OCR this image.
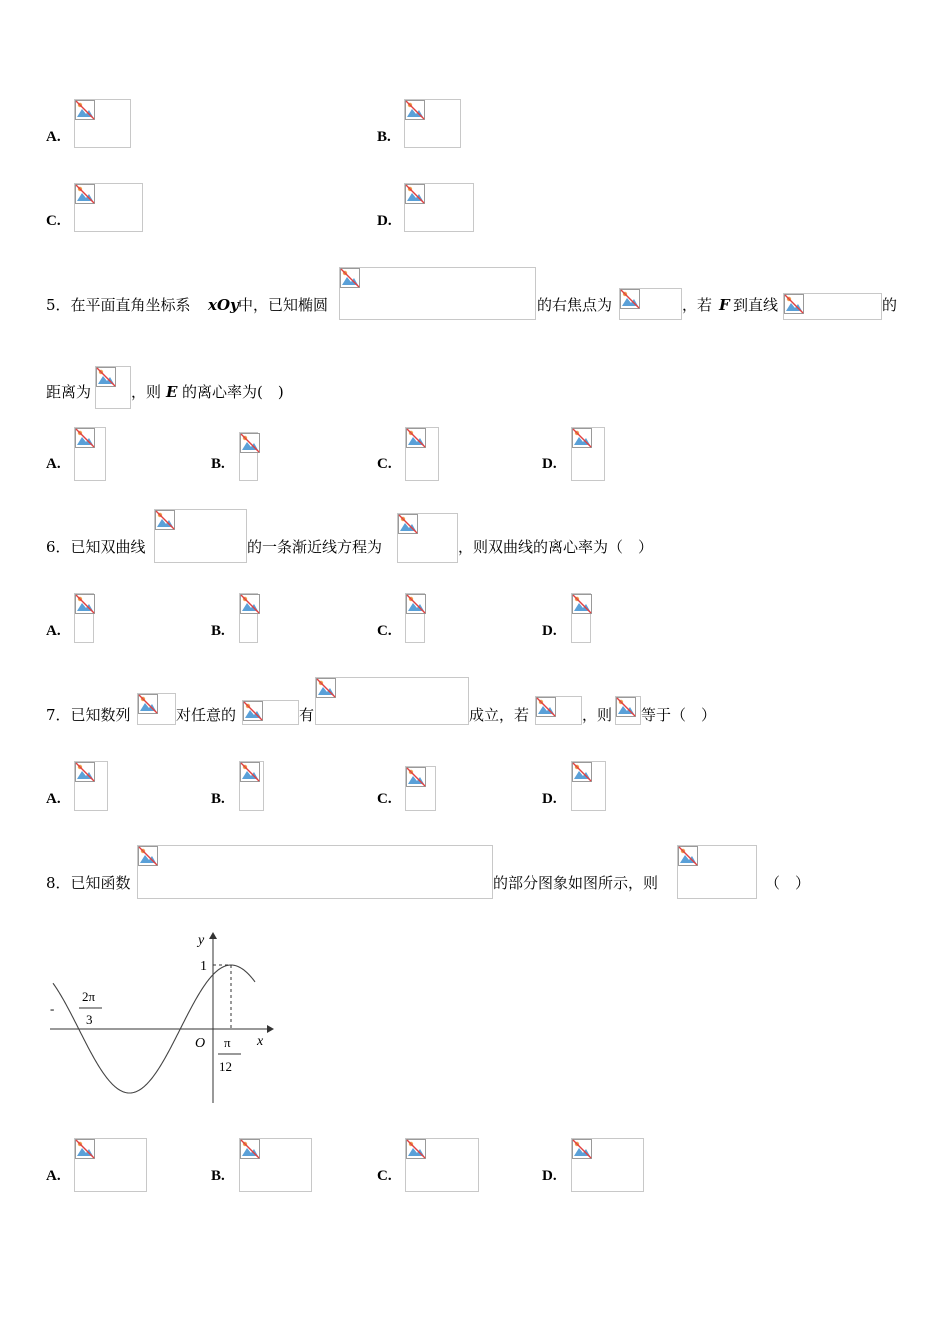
A.	B.
C.	D.
5．在平面直角坐标系 xOy 中，已知椭圆	的右焦点为	，若 F 到直线	的
距离为	，则 E 的离心率为(　)
A.	B.	C.	D.
6．已知双曲线	的一条渐近线方程为	，则双曲线的离心率为（　）
A.	B.	C.	D.
7．已知数列	对任意的	有	成立，若	，则 等于（　）
A.	B.	C.	D.
8．已知函数	的部分图象如图所示，则	（　）
y
x
O
1
-
2π
3
π
12
A.	B.	C.	D.
